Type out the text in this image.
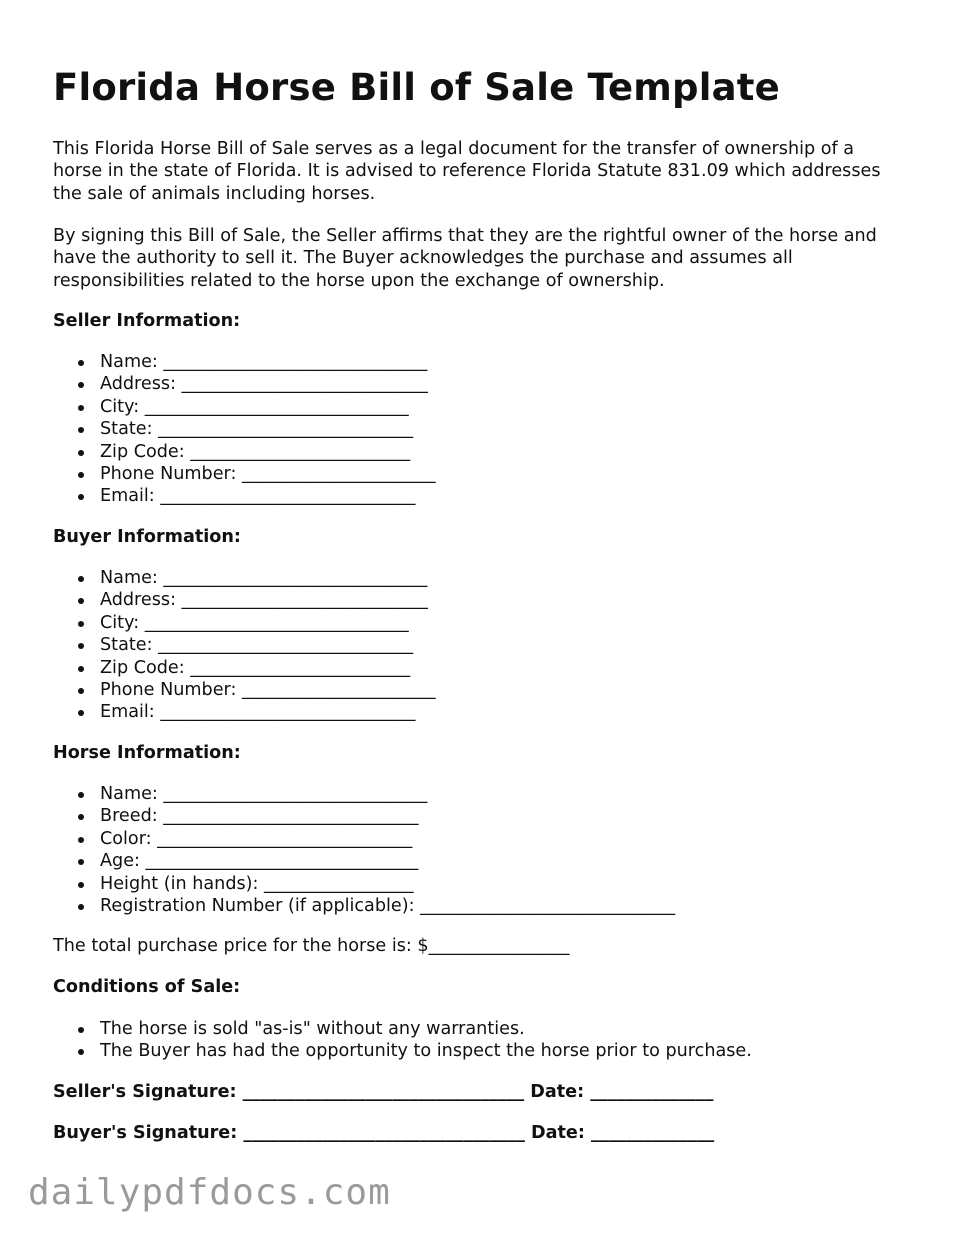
Florida Horse Bill of Sale Template

This Florida Horse Bill of Sale serves as a legal document for the transfer of ownership of a horse in the state of Florida. It is advised to reference Florida Statute 831.09 which addresses the sale of animals including horses.

By signing this Bill of Sale, the Seller affirms that they are the rightful owner of the horse and have the authority to sell it. The Buyer acknowledges the purchase and assumes all responsibilities related to the horse upon the exchange of ownership.

Seller Information:

Name: ______________________________
Address: ____________________________
City: ______________________________
State: _____________________________
Zip Code: _________________________
Phone Number: ______________________
Email: _____________________________

Buyer Information:

Name: ______________________________
Address: ____________________________
City: ______________________________
State: _____________________________
Zip Code: _________________________
Phone Number: ______________________
Email: _____________________________

Horse Information:

Name: ______________________________
Breed: _____________________________
Color: _____________________________
Age: _______________________________
Height (in hands): _________________
Registration Number (if applicable): _____________________________

The total purchase price for the horse is: $________________

Conditions of Sale:

The horse is sold "as-is" without any warranties.
The Buyer has had the opportunity to inspect the horse prior to purchase.

Seller's Signature: ________________________________ Date: ______________

Buyer's Signature: ________________________________ Date: ______________

dailypdfdocs.com
